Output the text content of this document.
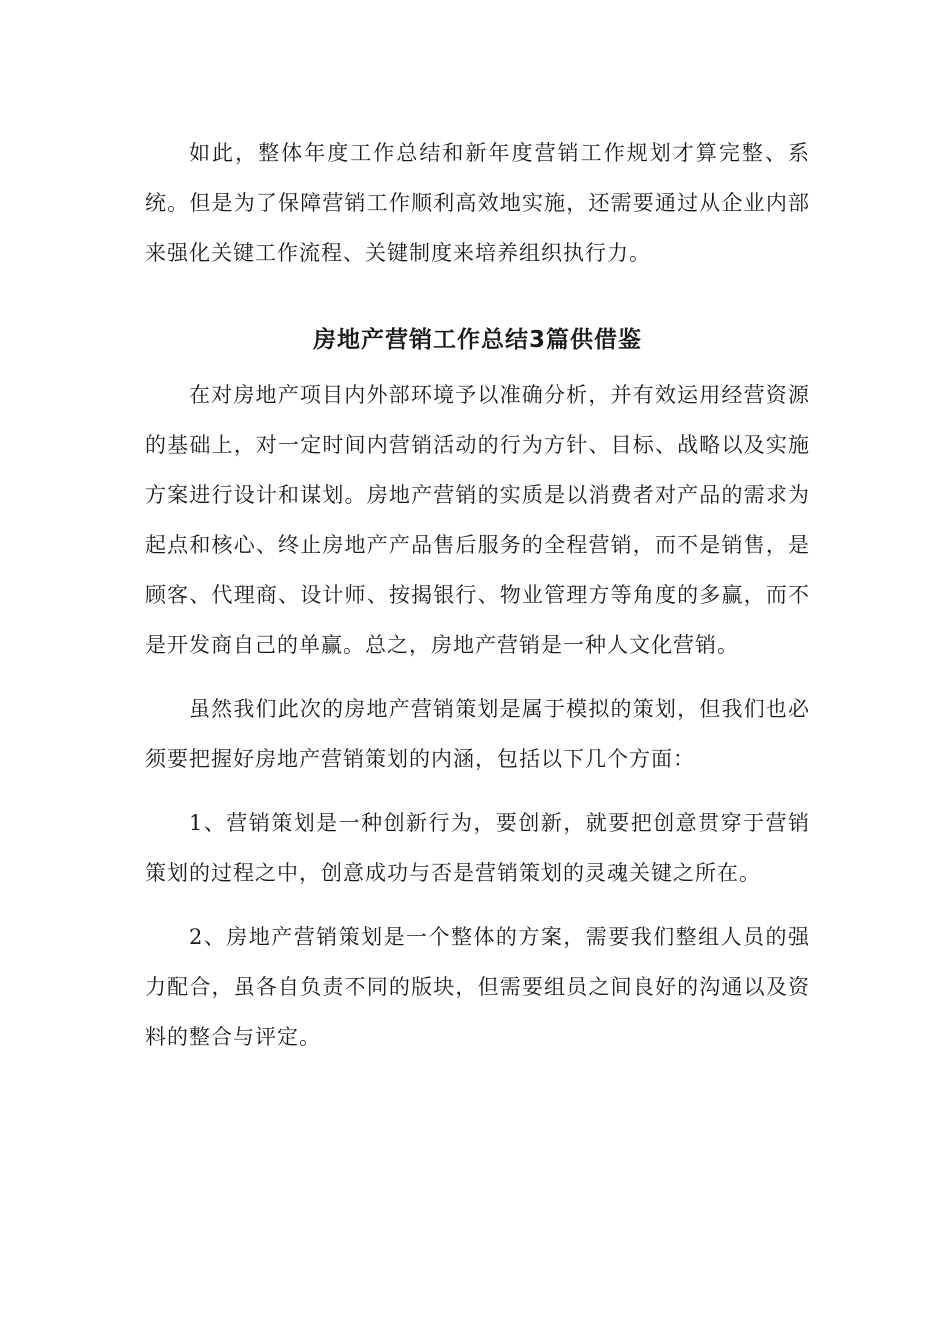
如此，整体年度工作总结和新年度营销工作规划才算完整、系统。但是为了保障营销工作顺利高效地实施，还需要通过从企业内部来强化关键工作流程、关键制度来培养组织执行力。

房地产营销工作总结3篇供借鉴

在对房地产项目内外部环境予以准确分析，并有效运用经营资源的基础上，对一定时间内营销活动的行为方针、目标、战略以及实施方案进行设计和谋划。房地产营销的实质是以消费者对产品的需求为起点和核心、终止房地产产品售后服务的全程营销，而不是销售，是顾客、代理商、设计师、按揭银行、物业管理方等角度的多赢，而不是开发商自己的单赢。总之，房地产营销是一种人文化营销。

虽然我们此次的房地产营销策划是属于模拟的策划，但我们也必须要把握好房地产营销策划的内涵，包括以下几个方面：

1、营销策划是一种创新行为，要创新，就要把创意贯穿于营销策划的过程之中，创意成功与否是营销策划的灵魂关键之所在。

2、房地产营销策划是一个整体的方案，需要我们整组人员的强力配合，虽各自负责不同的版块，但需要组员之间良好的沟通以及资料的整合与评定。
